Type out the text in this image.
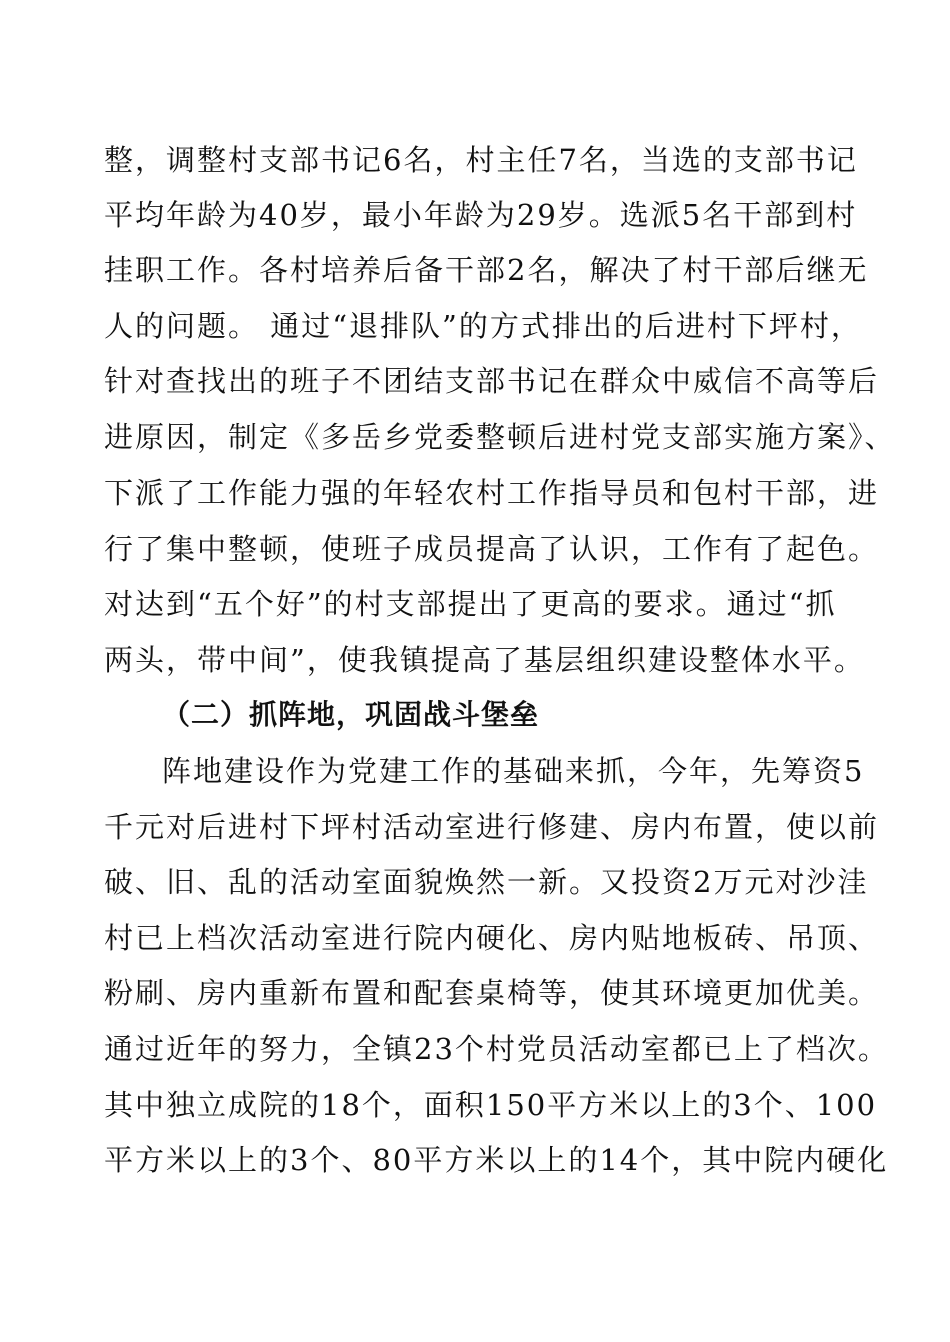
整，调整村支部书记6名，村主任7名，当选的支部书记
平均年龄为40岁，最小年龄为29岁。选派5名干部到村
挂职工作。各村培养后备干部2名，解决了村干部后继无
人的问题。 通过“退排队”的方式排出的后进村下坪村，
针对查找出的班子不团结支部书记在群众中威信不高等后
进原因，制定《多岳乡党委整顿后进村党支部实施方案》、
下派了工作能力强的年轻农村工作指导员和包村干部，进
行了集中整顿，使班子成员提高了认识，工作有了起色。
对达到“五个好”的村支部提出了更高的要求。通过“抓
两头，带中间”，使我镇提高了基层组织建设整体水平。
（二）抓阵地，巩固战斗堡垒
阵地建设作为党建工作的基础来抓，今年，先筹资5
千元对后进村下坪村活动室进行修建、房内布置，使以前
破、旧、乱的活动室面貌焕然一新。又投资2万元对沙洼
村已上档次活动室进行院内硬化、房内贴地板砖、吊顶、
粉刷、房内重新布置和配套桌椅等，使其环境更加优美。
通过近年的努力，全镇23个村党员活动室都已上了档次。
其中独立成院的18个，面积150平方米以上的3个、100
平方米以上的3个、80平方米以上的14个，其中院内硬化
